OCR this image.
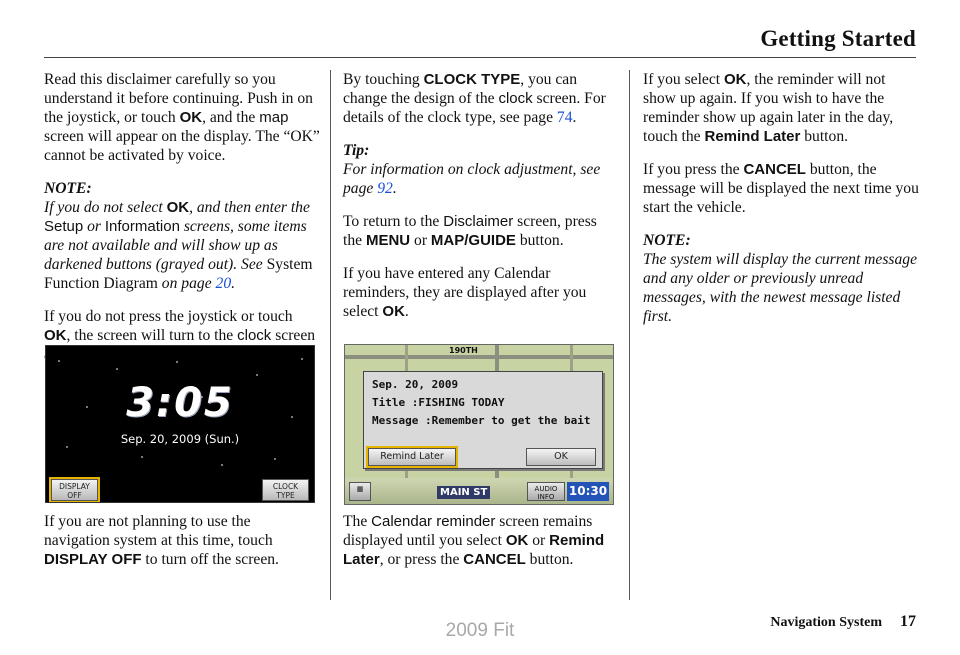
Getting Started

Read this disclaimer carefully so you understand it before continuing. Push in on the joystick, or touch OK, and the map screen will appear on the display. The “OK” cannot be activated by voice.

NOTE:
If you do not select OK, and then enter the Setup or Information screens, some items are not available and will show up as darkened buttons (grayed out). See System Function Diagram on page 20.

If you do not press the joystick or touch OK, the screen will turn to the clock screen

3:05
Sep. 20, 2009 (Sun.)
DISPLAY OFF
CLOCK TYPE

If you are not planning to use the navigation system at this time, touch DISPLAY OFF to turn off the screen.

By touching CLOCK TYPE, you can change the design of the clock screen. For details of the clock type, see page 74.

Tip:
For information on clock adjustment, see page 92.

To return to the Disclaimer screen, press the MENU or MAP/GUIDE button.

If you have entered any Calendar reminders, they are displayed after you select OK.

190TH
Sep. 20, 2009
Title :FISHING TODAY
Message :Remember to get the bait
Remind Later	OK
▦	MAIN ST	AUDIO INFO	10:30

The Calendar reminder screen remains displayed until you select OK or Remind Later, or press the CANCEL button.

If you select OK, the reminder will not show up again. If you wish to have the reminder show up again later in the day, touch the Remind Later button.

If you press the CANCEL button, the message will be displayed the next time you start the vehicle.

NOTE:
The system will display the current message and any older or previously unread messages, with the newest message listed first.

Navigation System 17
2009 Fit
